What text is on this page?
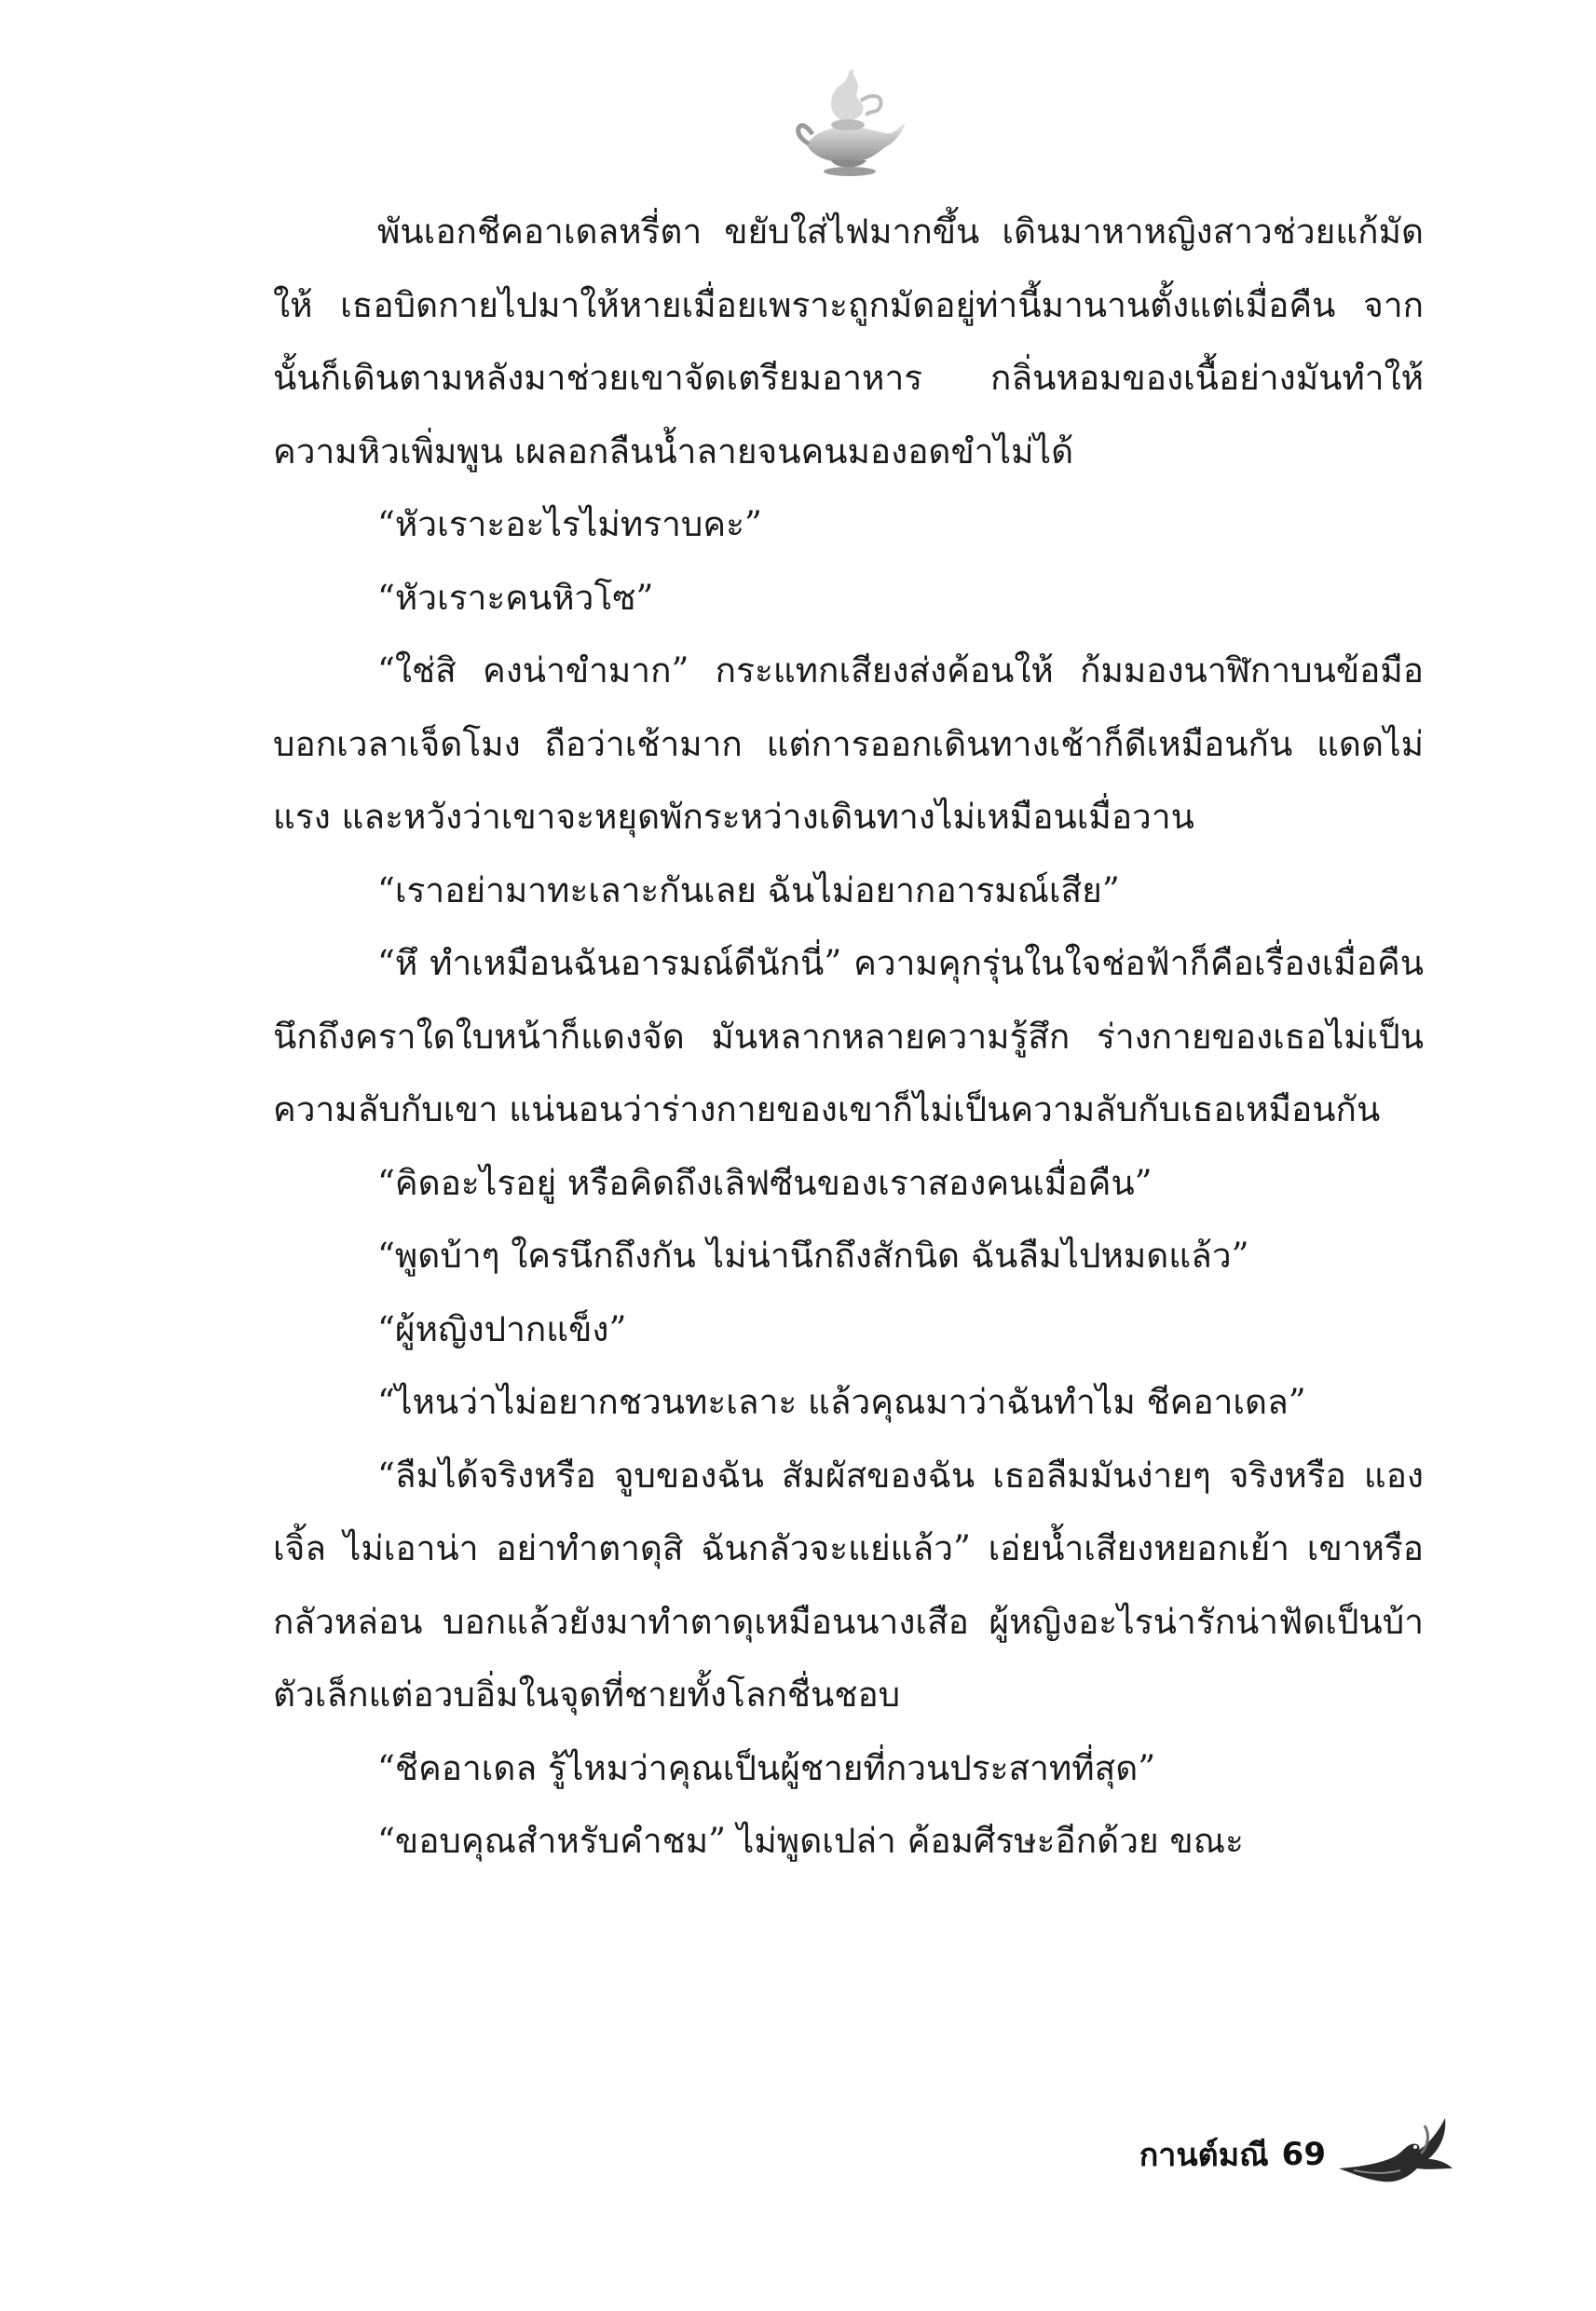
พันเอกชีคอาเดลหรี่ตา ขยับใส่ไฟมากขึ้น เดินมาหาหญิงสาวช่วยแก้มัดให้ เธอบิดกายไปมาให้หายเมื่อยเพราะถูกมัดอยู่ท่านี้มานานตั้งแต่เมื่อคืน จากนั้นก็เดินตามหลังมาช่วยเขาจัดเตรียมอาหาร กลิ่นหอมของเนื้อย่างมันทำให้ความหิวเพิ่มพูน เผลอกลืนน้ำลายจนคนมองอดขำไม่ได้

“หัวเราะอะไรไม่ทราบคะ”

“หัวเราะคนหิวโซ”

“ใช่สิ คงน่าขำมาก” กระแทกเสียงส่งค้อนให้ ก้มมองนาฬิกาบนข้อมือบอกเวลาเจ็ดโมง ถือว่าเช้ามาก แต่การออกเดินทางเช้าก็ดีเหมือนกัน แดดไม่แรง และหวังว่าเขาจะหยุดพักระหว่างเดินทางไม่เหมือนเมื่อวาน

“เราอย่ามาทะเลาะกันเลย ฉันไม่อยากอารมณ์เสีย”

“หึ ทำเหมือนฉันอารมณ์ดีนักนี่” ความคุกรุ่นในใจช่อฟ้าก็คือเรื่องเมื่อคืน นึกถึงคราใดใบหน้าก็แดงจัด มันหลากหลายความรู้สึก ร่างกายของเธอไม่เป็นความลับกับเขา แน่นอนว่าร่างกายของเขาก็ไม่เป็นความลับกับเธอเหมือนกัน

“คิดอะไรอยู่ หรือคิดถึงเลิฟซีนของเราสองคนเมื่อคืน”

“พูดบ้าๆ ใครนึกถึงกัน ไม่น่านึกถึงสักนิด ฉันลืมไปหมดแล้ว”

“ผู้หญิงปากแข็ง”

“ไหนว่าไม่อยากชวนทะเลาะ แล้วคุณมาว่าฉันทำไม ชีคอาเดล”

“ลืมได้จริงหรือ จูบของฉัน สัมผัสของฉัน เธอลืมมันง่ายๆ จริงหรือ แองเจิ้ล ไม่เอาน่า อย่าทำตาดุสิ ฉันกลัวจะแย่แล้ว” เอ่ยน้ำเสียงหยอกเย้า เขาหรือกลัวหล่อน บอกแล้วยังมาทำตาดุเหมือนนางเสือ ผู้หญิงอะไรน่ารักน่าฟัดเป็นบ้า ตัวเล็กแต่อวบอิ่มในจุดที่ชายทั้งโลกชื่นชอบ

“ชีคอาเดล รู้ไหมว่าคุณเป็นผู้ชายที่กวนประสาทที่สุด”

“ขอบคุณสำหรับคำชม” ไม่พูดเปล่า ค้อมศีรษะอีกด้วย ขณะ

กานต์มณี 69
